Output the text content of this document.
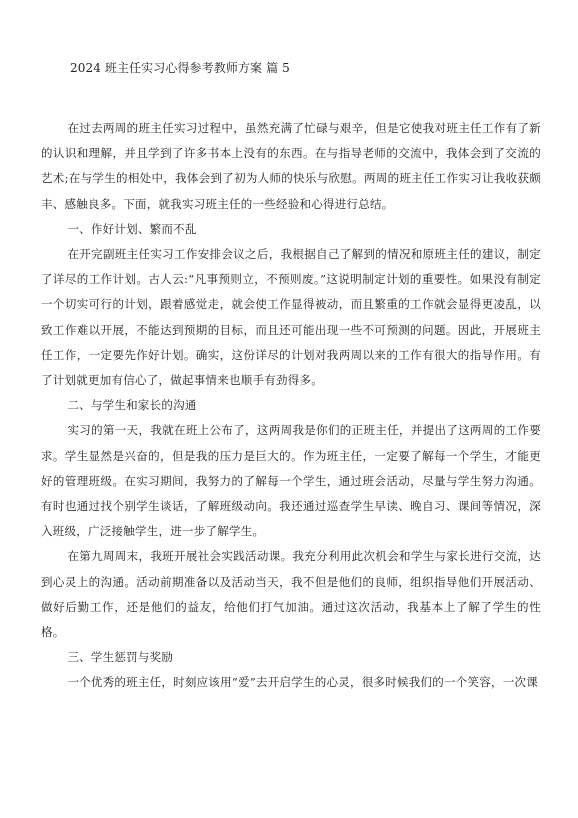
2024 班主任实习心得参考教师方案 篇 5

在过去两周的班主任实习过程中，虽然充满了忙碌与艰辛，但是它使我对班主任工作有了新的认识和理解，并且学到了许多书本上没有的东西。在与指导老师的交流中，我体会到了交流的艺术;在与学生的相处中，我体会到了初为人师的快乐与欣慰。两周的班主任工作实习让我收获颇丰、感触良多。下面，就我实习班主任的一些经验和心得进行总结。

一、作好计划、繁而不乱

在开完副班主任实习工作安排会议之后，我根据自己了解到的情况和原班主任的建议，制定了详尽的工作计划。古人云:“凡事预则立，不预则废。”这说明制定计划的重要性。如果没有制定一个切实可行的计划，跟着感觉走，就会使工作显得被动，而且繁重的工作就会显得更凌乱，以致工作难以开展，不能达到预期的目标，而且还可能出现一些不可预测的问题。因此，开展班主任工作，一定要先作好计划。确实，这份详尽的计划对我两周以来的工作有很大的指导作用。有了计划就更加有信心了，做起事情来也顺手有劲得多。

二、与学生和家长的沟通

实习的第一天，我就在班上公布了，这两周我是你们的正班主任，并提出了这两周的工作要求。学生显然是兴奋的，但是我的压力是巨大的。作为班主任，一定要了解每一个学生，才能更好的管理班级。在实习期间，我努力的了解每一个学生，通过班会活动，尽量与学生努力沟通。有时也通过找个别学生谈话，了解班级动向。我还通过巡查学生早读、晚自习、课间等情况，深入班级，广泛接触学生，进一步了解学生。

在第九周周末，我班开展社会实践活动课。我充分利用此次机会和学生与家长进行交流，达到心灵上的沟通。活动前期准备以及活动当天，我不但是他们的良师，组织指导他们开展活动、做好后勤工作，还是他们的益友，给他们打气加油。通过这次活动，我基本上了解了学生的性格。

三、学生惩罚与奖励

一个优秀的班主任，时刻应该用“爱”去开启学生的心灵，很多时候我们的一个笑容，一次课
